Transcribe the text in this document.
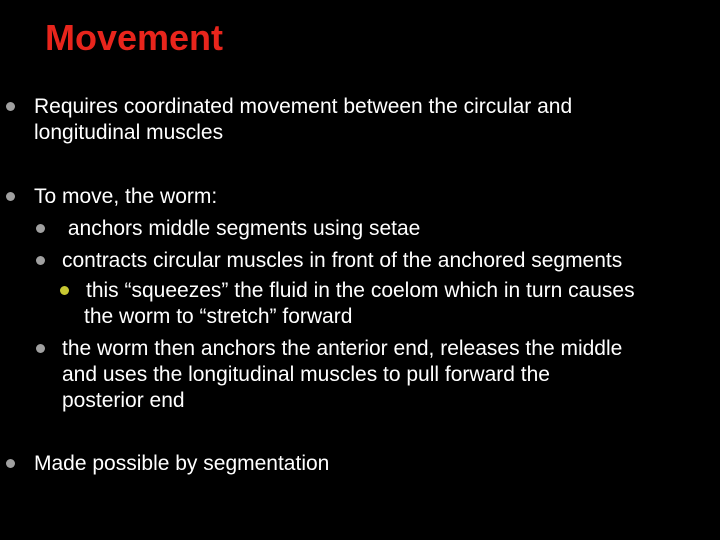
Movement
Requires coordinated movement between the circular and
longitudinal muscles
To move, the worm:
anchors middle segments using setae
contracts circular muscles in front of the anchored segments
this “squeezes” the fluid in the coelom which in turn causes
the worm to “stretch” forward
the worm then anchors the anterior end, releases the middle
and uses the longitudinal muscles to pull forward the
posterior end
Made possible by segmentation
